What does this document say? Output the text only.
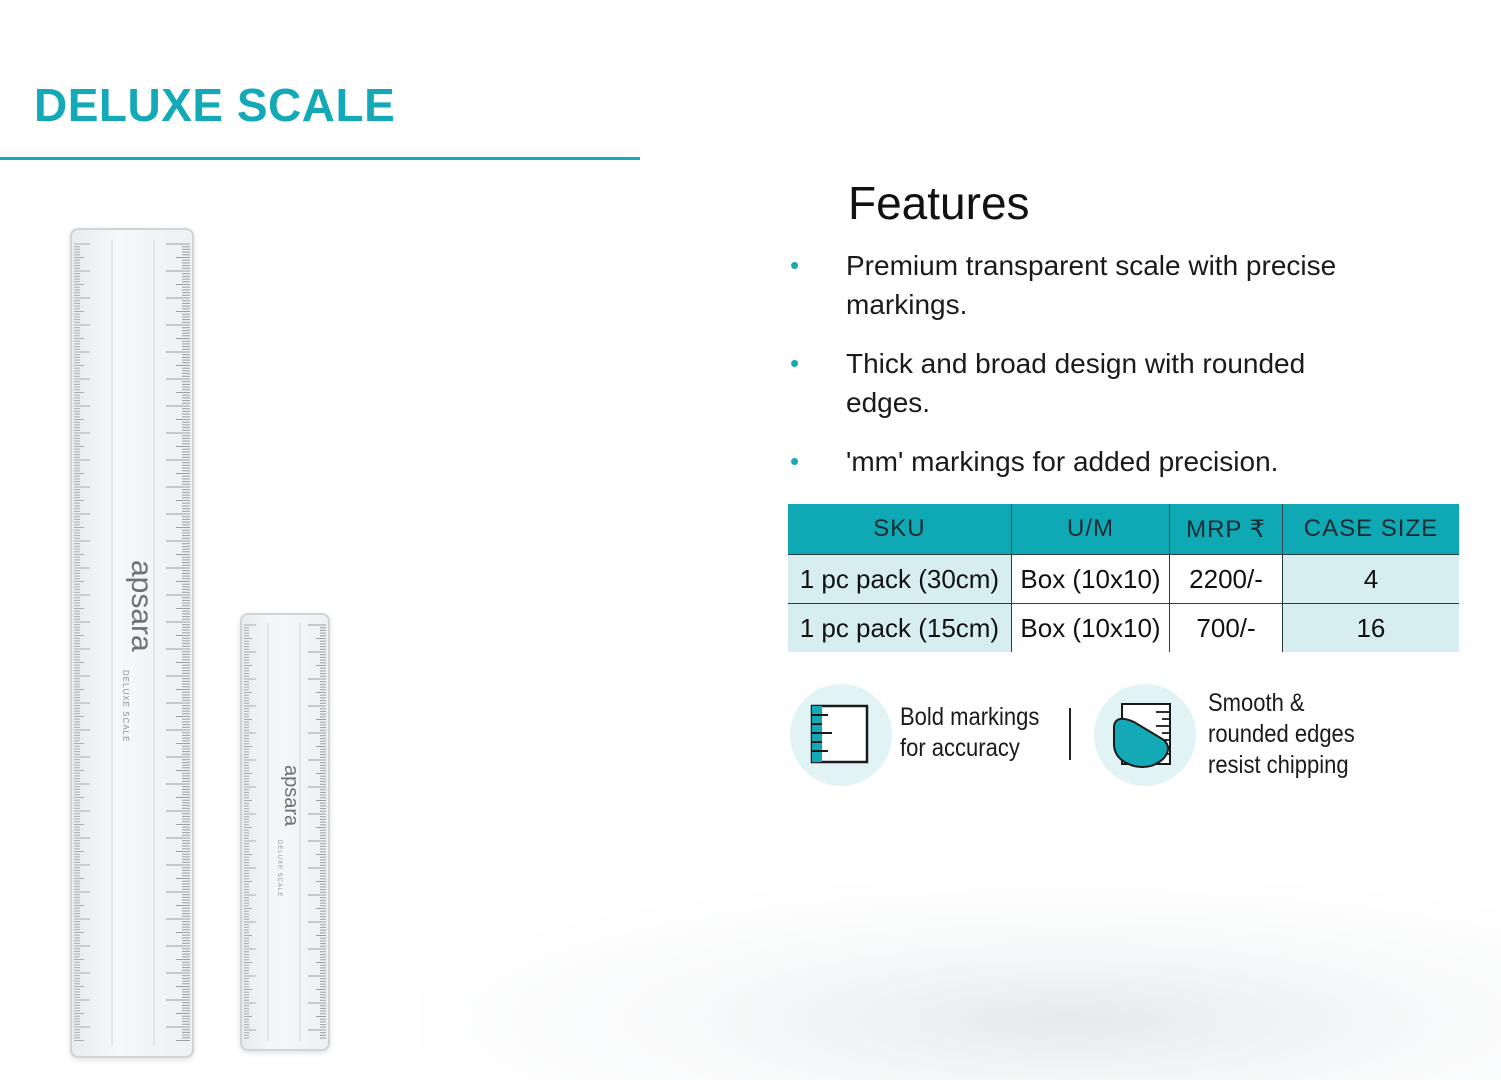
DELUXE SCALE
apsara
DELUXE SCALE
apsara
DELUXE SCALE
Features
• Premium transparent scale with precise markings.
• Thick and broad design with rounded edges.
• 'mm' markings for added precision.
SKU	U/M	MRP ₹	CASE SIZE
1 pc pack (30cm)	Box (10x10)	2200/-	4
1 pc pack (15cm)	Box (10x10)	700/-	16
Bold markings
for accuracy
Smooth &
rounded edges
resist chipping
